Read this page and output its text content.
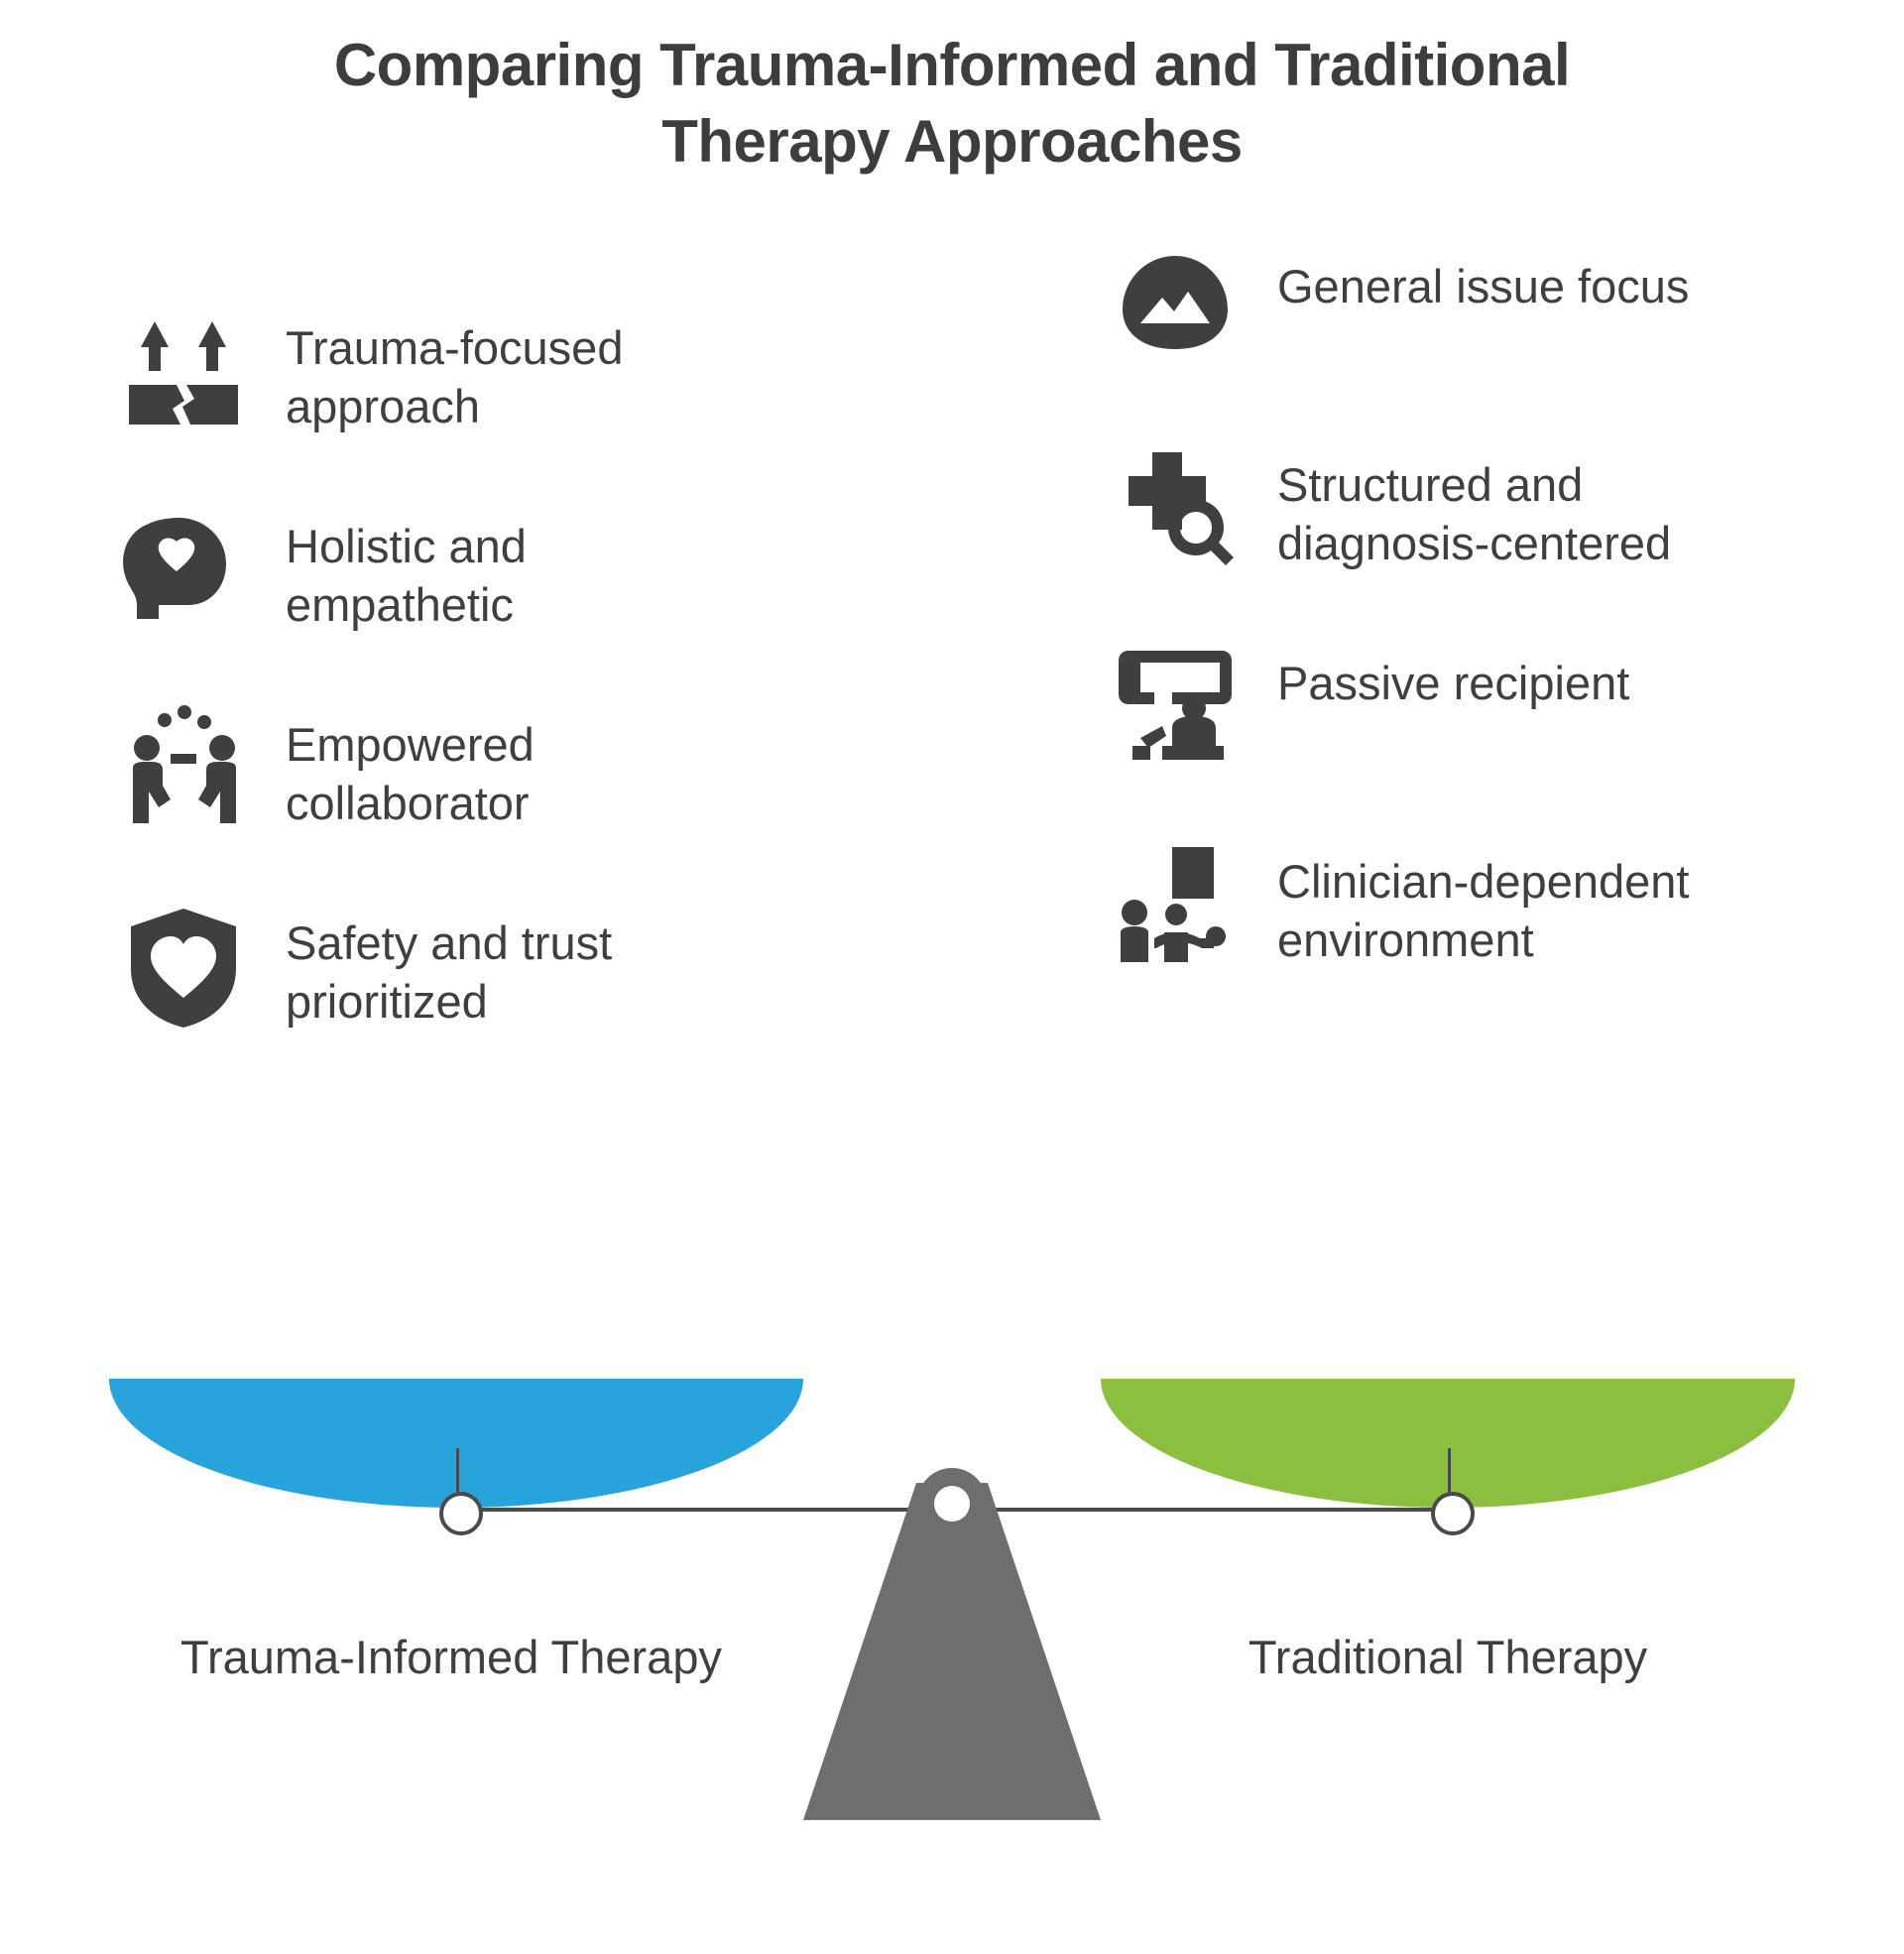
Comparing Trauma-Informed and Traditional Therapy Approaches
Trauma-focused approach
Holistic and empathetic
Empowered collaborator
Safety and trust prioritized
General issue focus
Structured and diagnosis-centered
Passive recipient
Clinician-dependent environment
Trauma-Informed Therapy	Traditional Therapy
